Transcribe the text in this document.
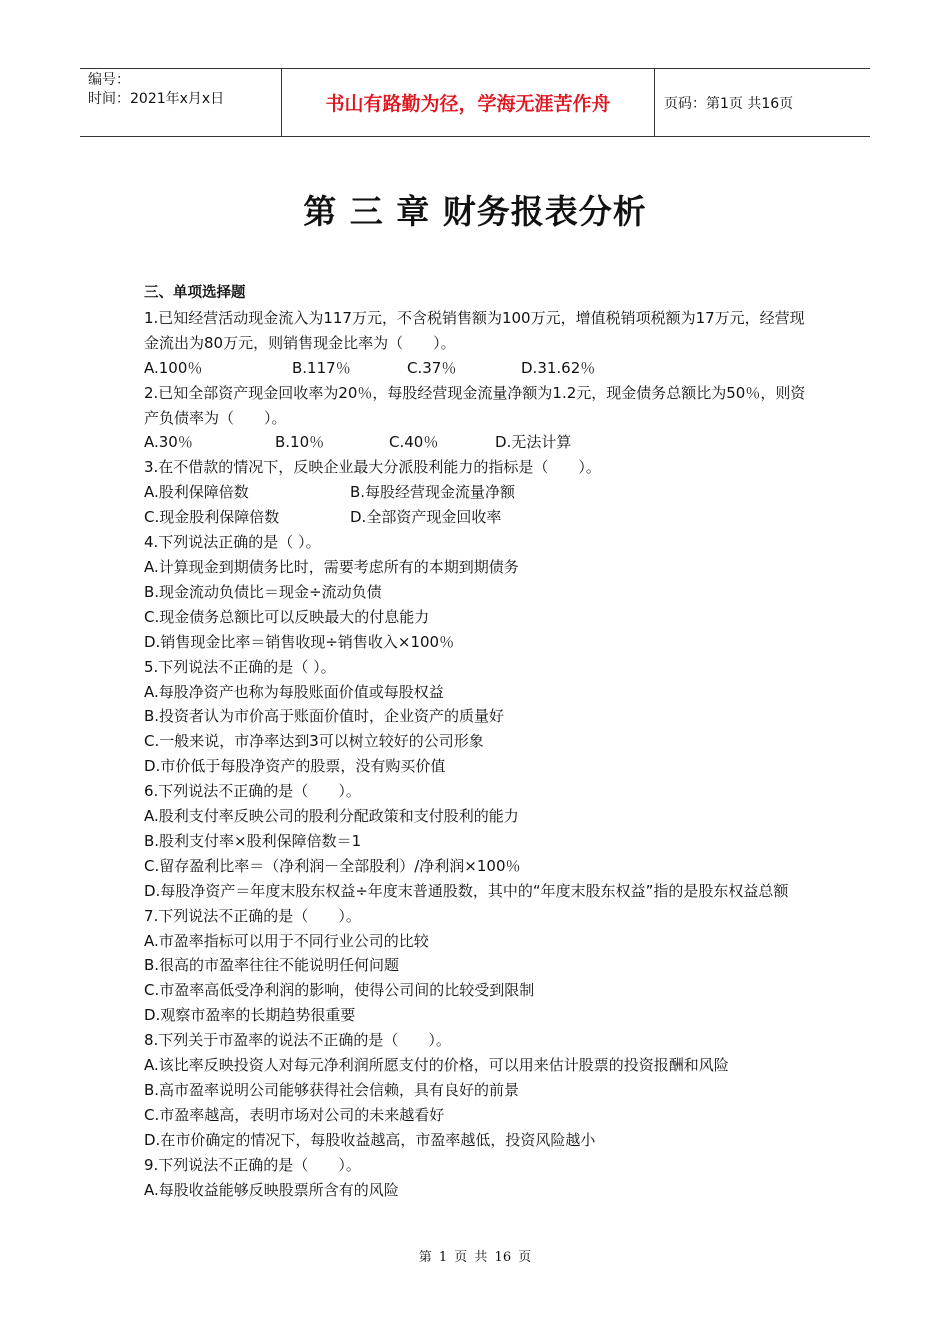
编号：
时间：2021年x月x日	书山有路勤为径，学海无涯苦作舟	页码：第1页 共16页
第 三 章 财务报表分析
三、单项选择题
1.已知经营活动现金流入为117万元，不含税销售额为100万元，增值税销项税额为17万元，经营现金流出为80万元，则销售现金比率为（　　）。
A.100％	B.117％	C.37％	D.31.62％
2.已知全部资产现金回收率为20％，每股经营现金流量净额为1.2元，现金债务总额比为50％，则资产负债率为（　　）。
A.30％	B.10％	C.40％	D.无法计算
3.在不借款的情况下，反映企业最大分派股利能力的指标是（　　）。
A.股利保障倍数	B.每股经营现金流量净额
C.现金股利保障倍数	D.全部资产现金回收率
4.下列说法正确的是（ ）。
A.计算现金到期债务比时，需要考虑所有的本期到期债务
B.现金流动负债比＝现金÷流动负债
C.现金债务总额比可以反映最大的付息能力
D.销售现金比率＝销售收现÷销售收入×100％
5.下列说法不正确的是（ ）。
A.每股净资产也称为每股账面价值或每股权益
B.投资者认为市价高于账面价值时，企业资产的质量好
C.一般来说，市净率达到3可以树立较好的公司形象
D.市价低于每股净资产的股票，没有购买价值
6.下列说法不正确的是（　　）。
A.股利支付率反映公司的股利分配政策和支付股利的能力
B.股利支付率×股利保障倍数＝1
C.留存盈利比率＝（净利润－全部股利）/净利润×100％
D.每股净资产＝年度末股东权益÷年度末普通股数，其中的“年度末股东权益”指的是股东权益总额
7.下列说法不正确的是（　　）。
A.市盈率指标可以用于不同行业公司的比较
B.很高的市盈率往往不能说明任何问题
C.市盈率高低受净利润的影响，使得公司间的比较受到限制
D.观察市盈率的长期趋势很重要
8.下列关于市盈率的说法不正确的是（　　）。
A.该比率反映投资人对每元净利润所愿支付的价格，可以用来估计股票的投资报酬和风险
B.高市盈率说明公司能够获得社会信赖，具有良好的前景
C.市盈率越高，表明市场对公司的未来越看好
D.在市价确定的情况下，每股收益越高，市盈率越低，投资风险越小
9.下列说法不正确的是（　　）。
A.每股收益能够反映股票所含有的风险
第 1 页 共 16 页
